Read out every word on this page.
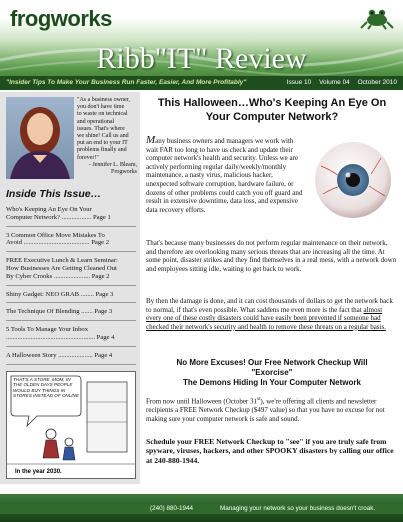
frogworks
Ribb"IT" Review
"Insider Tips To Make Your Business Run Faster, Easier, And More Profitably"	Issue 10 Volume 04 October 2010
"As a business owner,
you don't have time
to waste on technical
and operational
issues. That's where
we shine! Call us and
put an end to your IT
problems finally and
forever!"
- Jennifer L. Bleam,
Frogworks
Inside This Issue…
Who's Keeping An Eye On Your
Computer Network? .................. Page 1
3 Common Office Move Mistakes To
Avoid ........................................ Page 2
FREE Executive Lunch & Learn Seminar:
How Businesses Are Getting Cleaned Out
By Cyber Crooks ...................... Page 2
Shiny Gadget: NEO GRAB ........ Page 3
The Technique Of Blending ....... Page 3
5 Tools To Manage Your Inbox
...................................................... Page 4
A Halloween Story ..................... Page 4
THAT'S A STORE, MOM, IN THE OLDEN DAYS PEOPLE WOULD BUY THINGS IN STORES INSTEAD OF ONLINE
In the year 2030.
This Halloween…Who's Keeping An Eye On Your Computer Network?
Many business owners and managers we work with wait FAR too long to have us check and update their computer network's health and security. Unless we are actively performing regular daily/weekly/monthly maintenance, a nasty virus, malicious hacker, unexpected software corruption, hardware failure, or dozens of other problems could catch you off guard and result in extensive downtime, data loss, and expensive data recovery efforts.
That's because many businesses do not perform regular maintenance on their network, and therefore are overlooking many serious threats that are increasing all the time. At some point, disaster strikes and they find themselves in a real mess, with a network down and employees sitting idle, waiting to get back to work.
By then the damage is done, and it can cost thousands of dollars to get the network back to normal, if that's even possible. What saddens me even more is the fact that almost every one of these costly disasters could have easily been prevented if someone had checked their network's security and health to remove these threats on a regular basis.
No More Excuses! Our Free Network Checkup Will
"Exorcise"
The Demons Hiding In Your Computer Network
From now until Halloween (October 31st), we're offering all clients and newsletter recipients a FREE Network Checkup ($497 value) so that you have no excuse for not making sure your computer network is safe and sound.
Schedule your FREE Network Checkup to "see" if you are truly safe from spyware, viruses, hackers, and other SPOOKY disasters by calling our office at 240-880-1944.
(240) 880-1944	Managing your network so your business doesn't croak.
